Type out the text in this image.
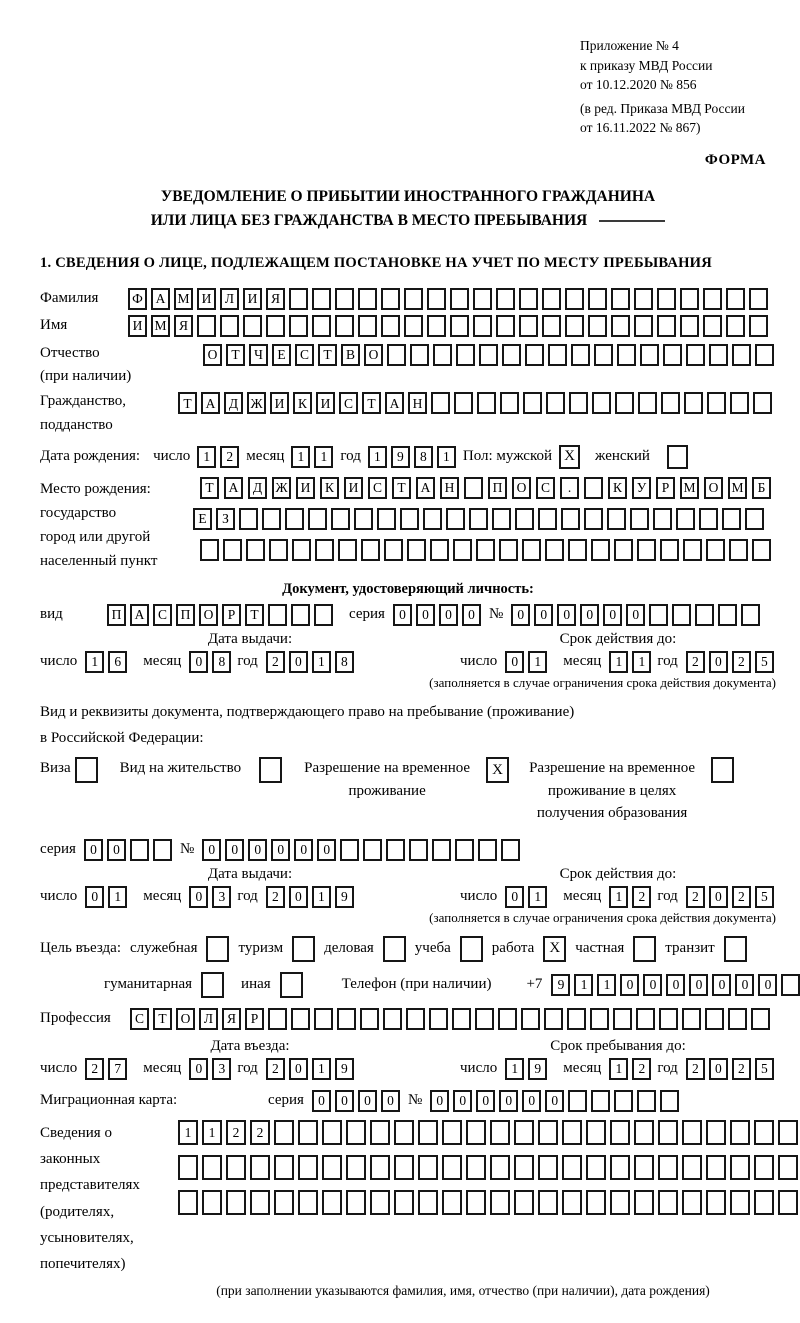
Приложение № 4
к приказу МВД России
от 10.12.2020 № 856
(в ред. Приказа МВД России
от 16.11.2022 № 867)
ФОРМА
УВЕДОМЛЕНИЕ О ПРИБЫТИИ ИНОСТРАННОГО ГРАЖДАНИНА
ИЛИ ЛИЦА БЕЗ ГРАЖДАНСТВА В МЕСТО ПРЕБЫВАНИЯ
1. СВЕДЕНИЯ О ЛИЦЕ, ПОДЛЕЖАЩЕМ ПОСТАНОВКЕ НА УЧЕТ ПО МЕСТУ ПРЕБЫВАНИЯ
Фамилия	Ф А М И	Л	И	Я
Имя	И М Я
Отчество
(при наличии)
О	Т	Ч	Е	С	Т	В	О
Гражданство,
подданство
Т	А	Д Ж И	К	И	С	Т	А Н
Дата рождения: число 1	2 месяц 1	1 год 1	9	8	1 Пол: мужской X	женский
Место рождения:
государство
город или другой
населенный пункт
Т	А	Д Ж И	К	И	С	Т	А	Н	П	О	С	.	К	У	Р	М О М	Б
Е	З
Документ, удостоверяющий личность:
вид	П А	С	П О	Р	Т	серия	0	0	0	0 №	0	0	0	0	0	0
Дата выдачи:	Срок действия до:
число	1	6	месяц	0	8 год	2	0	1	8	число	0	1	месяц	1	1 год	2	0	2	5
(заполняется в случае ограничения срока действия документа)
Вид и реквизиты документа, подтверждающего право на пребывание (проживание)
в Российской Федерации:
Виза	Вид на жительство	Разрешение на временное
проживание
X	Разрешение на временное
проживание в целях
получения образования
серия	0	0	№	0	0	0	0	0	0
Дата выдачи:	Срок действия до:
число	0	1	месяц	0	3 год	2	0	1	9	число	0	1	месяц	1	2 год	2	0	2	5
(заполняется в случае ограничения срока действия документа)
Цель въезда: служебная	туризм	деловая	учеба	работа	X	частная	транзит
гуманитарная	иная	Телефон (при наличии) +7	9	1	1	0	0	0	0	0	0	0
Профессия	С	Т	О	Л	Я	Р
Дата въезда:	Срок пребывания до:
число	2	7	месяц	0	3 год	2	0	1	9	число	1	9	месяц	1	2 год	2	0	2	5
Миграционная карта:	серия	0	0	0	0 №	0	0	0	0	0	0
Сведения о
законных
представителях
(родителях,
усыновителях,
попечителях)
1	1	2	2
(при заполнении указываются фамилия, имя, отчество (при наличии), дата рождения)
